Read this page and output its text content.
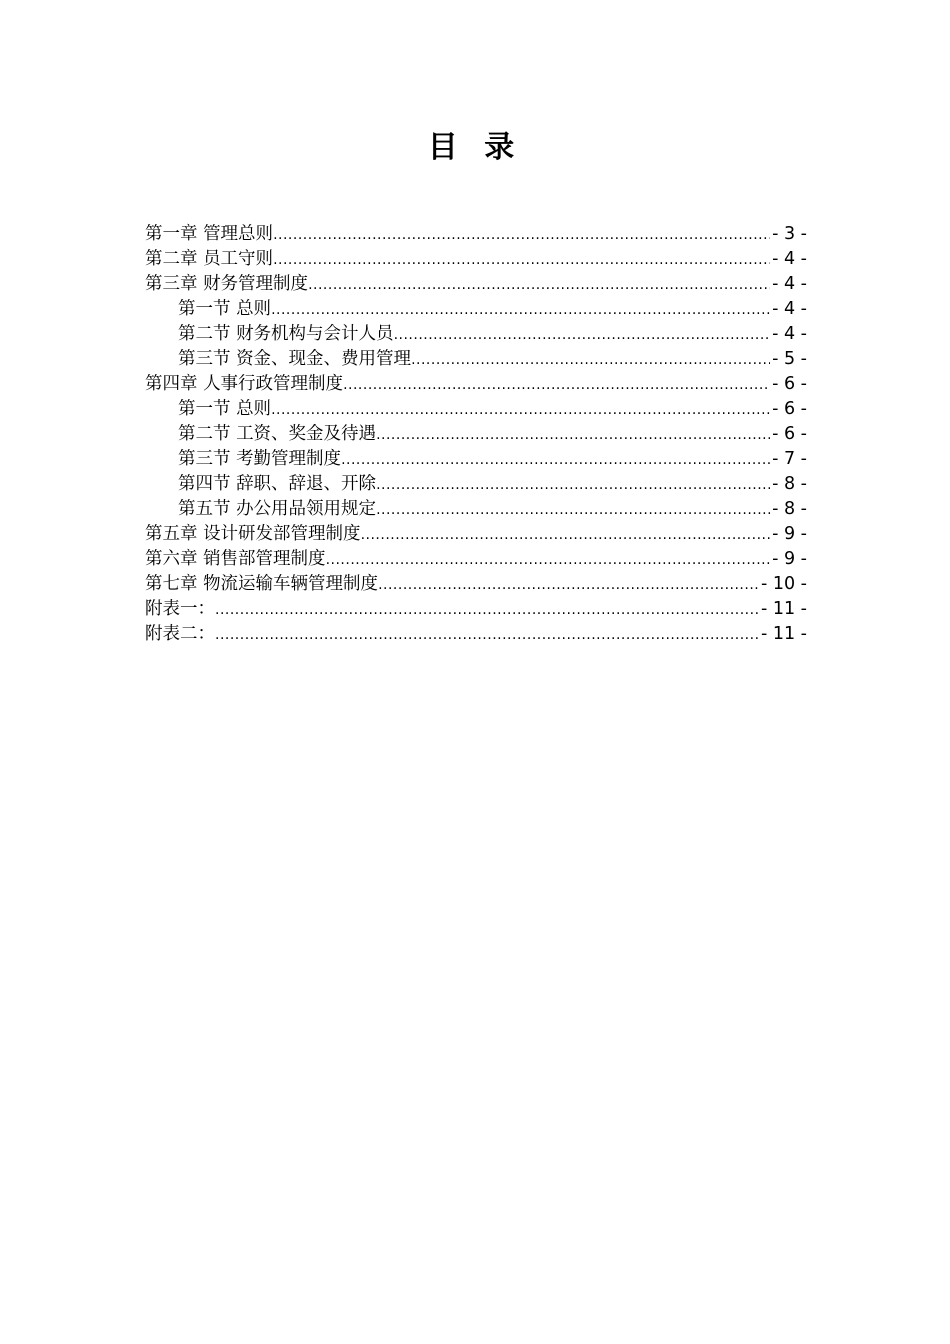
目 录
第一章 管理总则 .....	- 3 -
第二章 员工守则 .....	- 4 -
第三章 财务管理制度 .....	- 4 -
第一节 总则 .....	- 4 -
第二节 财务机构与会计人员 .....	- 4 -
第三节 资金、现金、费用管理 .....	- 5 -
第四章 人事行政管理制度 .....	- 6 -
第一节 总则 .....	- 6 -
第二节 工资、奖金及待遇 .....	- 6 -
第三节 考勤管理制度 .....	- 7 -
第四节 辞职、辞退、开除 .....	- 8 -
第五节 办公用品领用规定 .....	- 8 -
第五章 设计研发部管理制度 .....	- 9 -
第六章 销售部管理制度 .....	- 9 -
第七章 物流运输车辆管理制度 .....	- 10 -
附表一： .....	- 11 -
附表二： .....	- 11 -
